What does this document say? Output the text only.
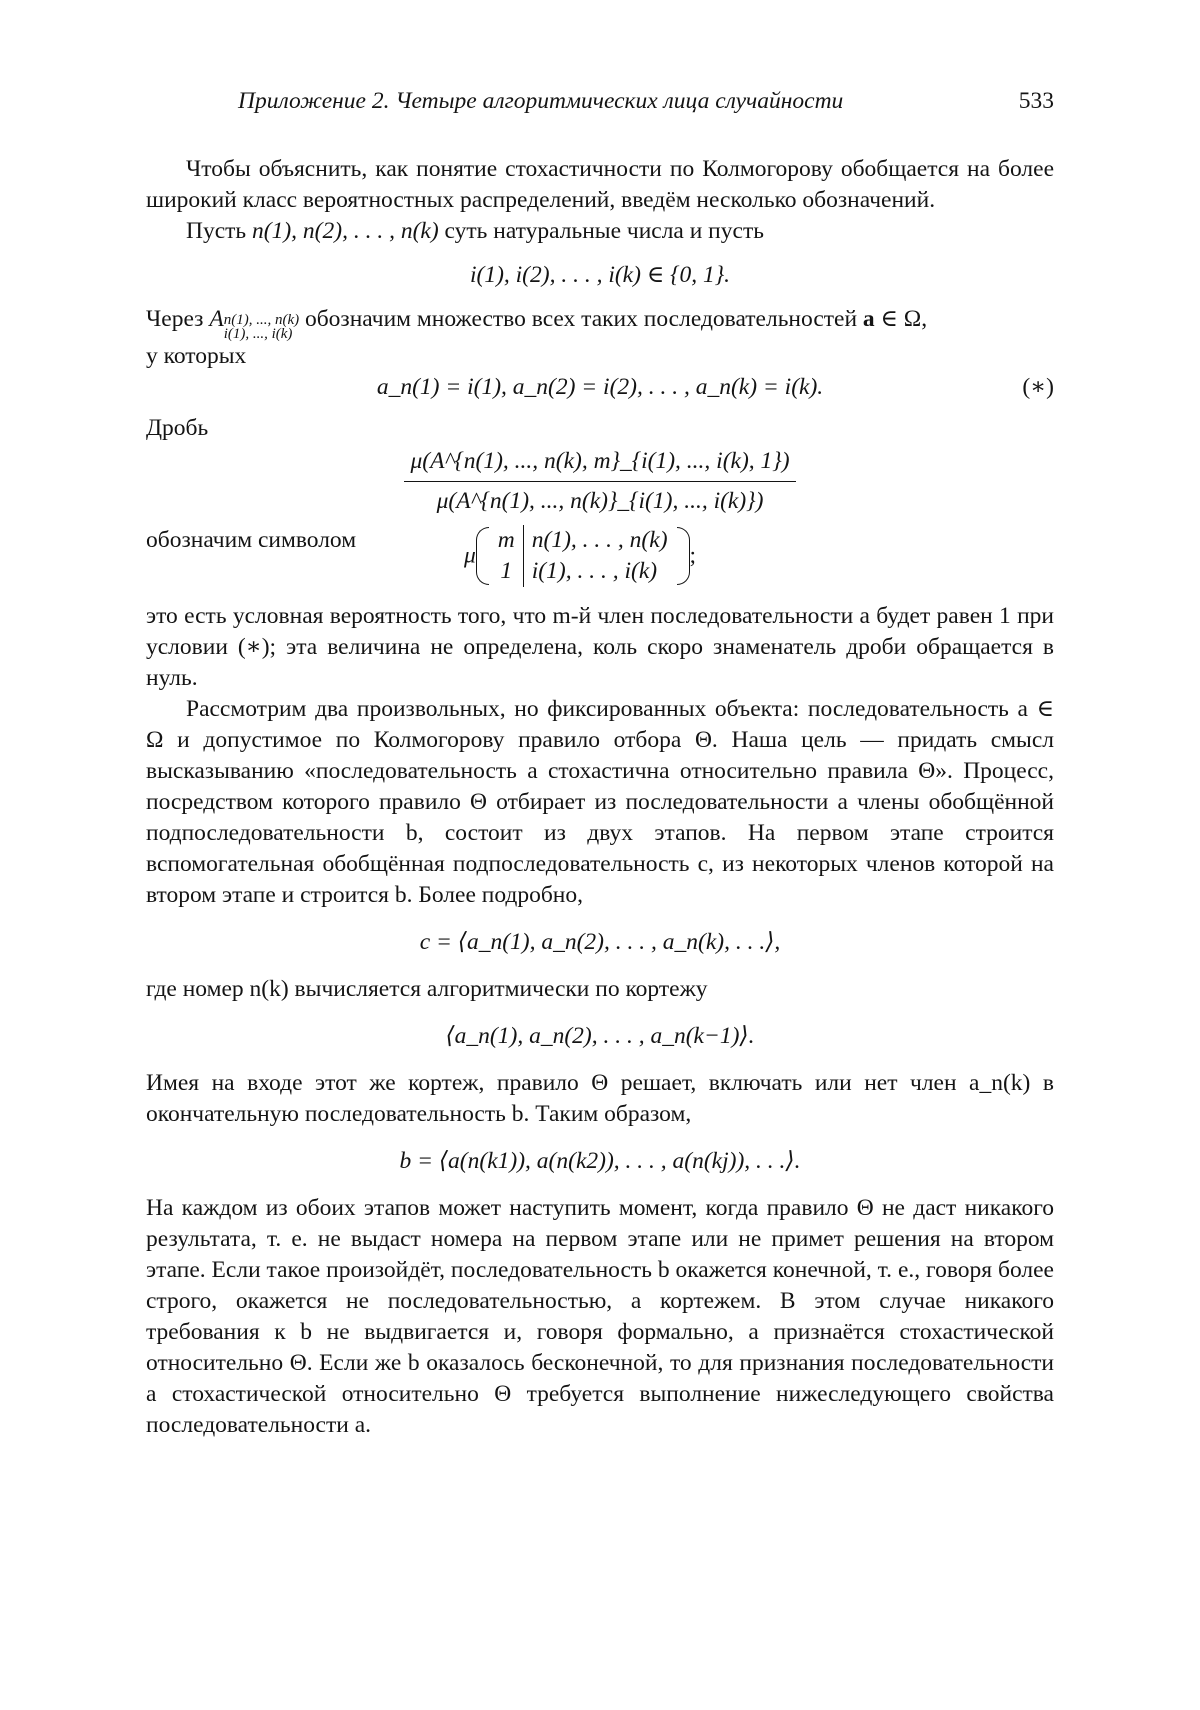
Приложение 2. Четыре алгоритмических лица случайности	533

Чтобы объяснить, как понятие стохастичности по Колмогорову обобщается на более широкий класс вероятностных распределений, введём несколько обозначений.

Пусть n(1), n(2), . . . , n(k) суть натуральные числа и пусть

i(1), i(2), . . . , i(k) ∈ {0, 1}.

Через A n(1), ..., n(k)
i(1), ..., i(k)
обозначим множество всех таких последовательностей a ∈ Ω,
у которых

a_n(1) = i(1), a_n(2) = i(2), . . . , a_n(k) = i(k).	(∗)

Дробь

μ(A^{n(1), ..., n(k), m}_{i(1), ..., i(k), 1})
μ(A^{n(1), ..., n(k)}_{i(1), ..., i(k)})
обозначим символом
μ
m	n(1), . . . , n(k)
1	i(1), . . . , i(k)
;

это есть условная вероятность того, что m-й член последовательности a будет равен 1 при условии (∗); эта величина не определена, коль скоро знаменатель дроби обращается в нуль.

Рассмотрим два произвольных, но фиксированных объекта: последовательность a ∈ Ω и допустимое по Колмогорову правило отбора Θ. Наша цель — придать смысл высказыванию «последовательность a стохастична относительно правила Θ». Процесс, посредством которого правило Θ отбирает из последовательности a члены обобщённой подпоследовательности b, состоит из двух этапов. На первом этапе строится вспомогательная обобщённая подпоследовательность c, из некоторых членов которой на втором этапе и строится b. Более подробно,

c = ⟨a_n(1), a_n(2), . . . , a_n(k), . . .⟩,

где номер n(k) вычисляется алгоритмически по кортежу

⟨a_n(1), a_n(2), . . . , a_n(k−1)⟩.

Имея на входе этот же кортеж, правило Θ решает, включать или нет член a_n(k) в окончательную последовательность b. Таким образом,

b = ⟨a(n(k1)), a(n(k2)), . . . , a(n(kj)), . . .⟩.

На каждом из обоих этапов может наступить момент, когда правило Θ не даст никакого результата, т. е. не выдаст номера на первом этапе или не примет решения на втором этапе. Если такое произойдёт, последовательность b окажется конечной, т. е., говоря более строго, окажется не последовательностью, а кортежем. В этом случае никакого требования к b не выдвигается и, говоря формально, a признаётся стохастической относительно Θ. Если же b оказалось бесконечной, то для признания последовательности a стохастической относительно Θ требуется выполнение нижеследующего свойства последовательности a.
